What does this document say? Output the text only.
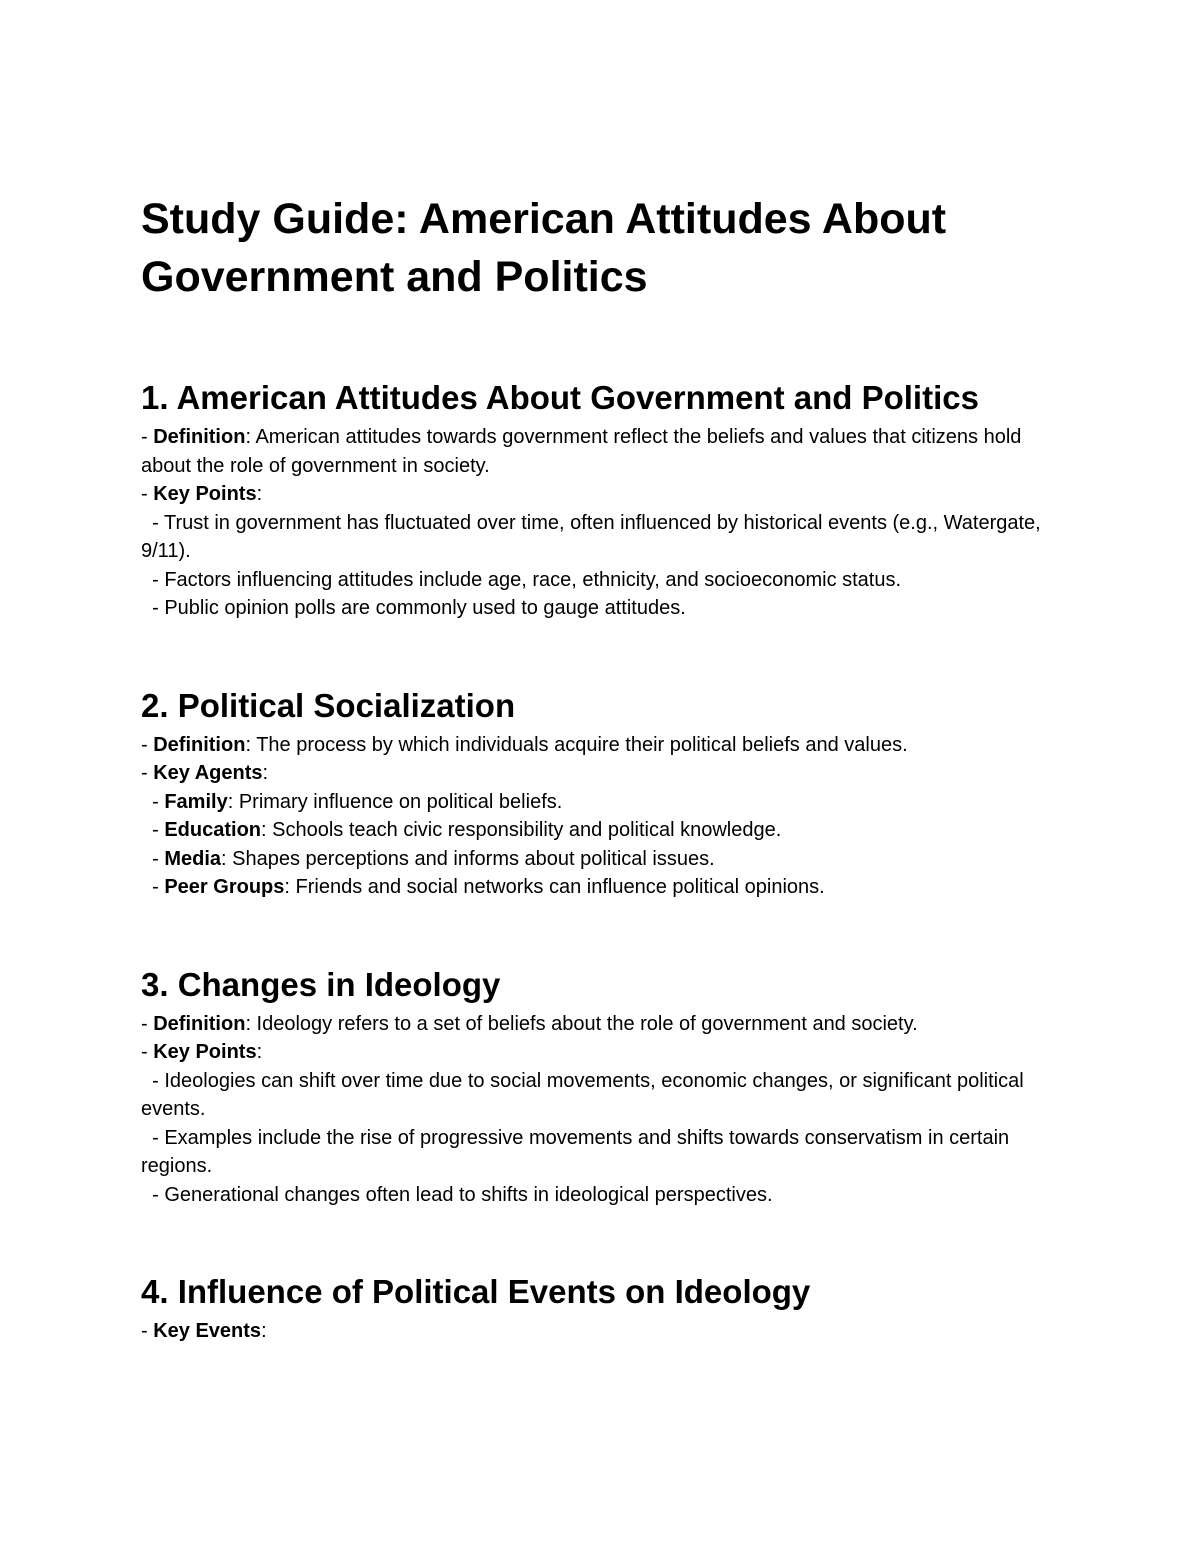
Study Guide: American Attitudes About
Government and Politics
1. American Attitudes About Government and Politics

- Definition: American attitudes towards government reflect the beliefs and values that citizens hold about the role of government in society.

- Key Points:

- Trust in government has fluctuated over time, often influenced by historical events (e.g., Watergate, 9/11).

- Factors influencing attitudes include age, race, ethnicity, and socioeconomic status.

- Public opinion polls are commonly used to gauge attitudes.

2. Political Socialization

- Definition: The process by which individuals acquire their political beliefs and values.

- Key Agents:

- Family: Primary influence on political beliefs.

- Education: Schools teach civic responsibility and political knowledge.

- Media: Shapes perceptions and informs about political issues.

- Peer Groups: Friends and social networks can influence political opinions.

3. Changes in Ideology

- Definition: Ideology refers to a set of beliefs about the role of government and society.

- Key Points:

- Ideologies can shift over time due to social movements, economic changes, or significant political events.

- Examples include the rise of progressive movements and shifts towards conservatism in certain regions.

- Generational changes often lead to shifts in ideological perspectives.

4. Influence of Political Events on Ideology

- Key Events:
